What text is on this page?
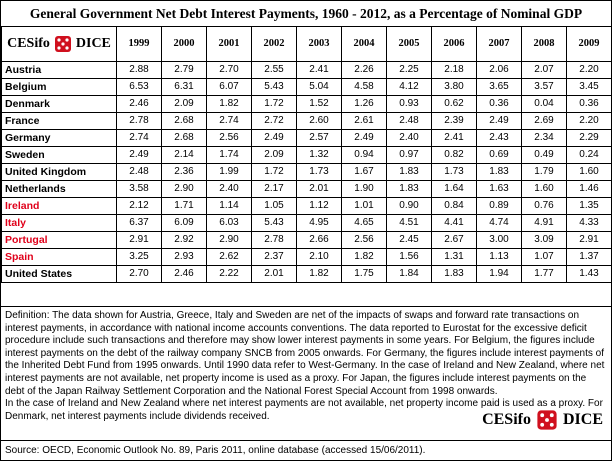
General Government Net Debt Interest Payments, 1960 - 2012, as a Percentage of Nominal GDP
CESifo DICE	1999	2000	2001	2002	2003	2004	2005	2006	2007	2008	2009
Austria	2.88	2.79	2.70	2.55	2.41	2.26	2.25	2.18	2.06	2.07	2.20
Belgium	6.53	6.31	6.07	5.43	5.04	4.58	4.12	3.80	3.65	3.57	3.45
Denmark	2.46	2.09	1.82	1.72	1.52	1.26	0.93	0.62	0.36	0.04	0.36
France	2.78	2.68	2.74	2.72	2.60	2.61	2.48	2.39	2.49	2.69	2.20
Germany	2.74	2.68	2.56	2.49	2.57	2.49	2.40	2.41	2.43	2.34	2.29
Sweden	2.49	2.14	1.74	2.09	1.32	0.94	0.97	0.82	0.69	0.49	0.24
United Kingdom	2.48	2.36	1.99	1.72	1.73	1.67	1.83	1.73	1.83	1.79	1.60
Netherlands	3.58	2.90	2.40	2.17	2.01	1.90	1.83	1.64	1.63	1.60	1.46
Ireland	2.12	1.71	1.14	1.05	1.12	1.01	0.90	0.84	0.89	0.76	1.35
Italy	6.37	6.09	6.03	5.43	4.95	4.65	4.51	4.41	4.74	4.91	4.33
Portugal	2.91	2.92	2.90	2.78	2.66	2.56	2.45	2.67	3.00	3.09	2.91
Spain	3.25	2.93	2.62	2.37	2.10	1.82	1.56	1.31	1.13	1.07	1.37
United States	2.70	2.46	2.22	2.01	1.82	1.75	1.84	1.83	1.94	1.77	1.43

Definition: The data shown for Austria, Greece, Italy and Sweden are net of the impacts of swaps and forward rate transactions on interest payments, in accordance with national income accounts conventions. The data reported to Eurostat for the excessive deficit procedure include such transactions and therefore may show lower interest payments in some years. For Belgium, the figures include interest payments on the debt of the railway company SNCB from 2005 onwards. For Germany, the figures include interest payments of the Inherited Debt Fund from 1995 onwards. Until 1990 data refer to West-Germany. In the case of Ireland and New Zealand, where net interest payments are not available, net property income is used as a proxy. For Japan, the figures include interest payments on the debt of the Japan Railway Settlement Corporation and the National Forest Special Account from 1998 onwards.

In the case of Ireland and New Zealand where net interest payments are not available, net property income paid is used as a proxy. For Denmark, net interest payments include dividends received.	CESifo DICE
Source: OECD, Economic Outlook No. 89, Paris 2011, online database (accessed 15/06/2011).
